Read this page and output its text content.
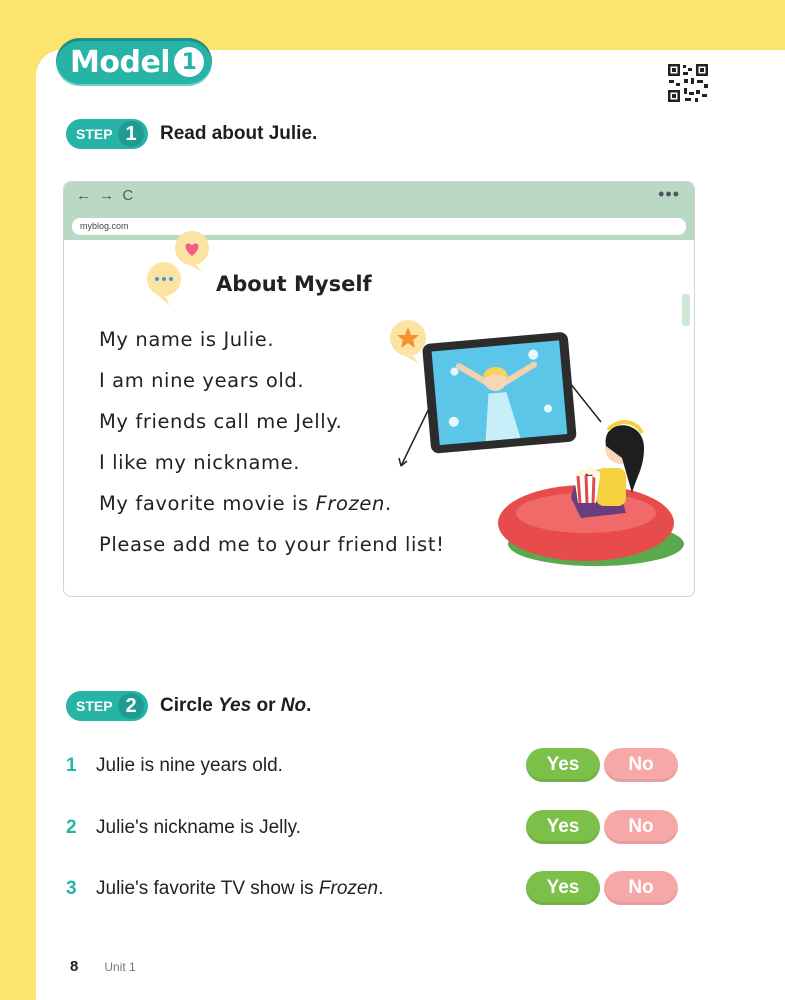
Model 1
STEP 1	Read about Julie.
← → C	•••
myblog.com
About Myself
My name is Julie.
I am nine years old.
My friends call me Jelly.
I like my nickname.
My favorite movie is Frozen.
Please add me to your friend list!
STEP 2	Circle Yes or No.
1	Julie is nine years old.	Yes	No
2	Julie's nickname is Jelly.	Yes	No
3	Julie's favorite TV show is Frozen.	Yes	No
8 Unit 1
